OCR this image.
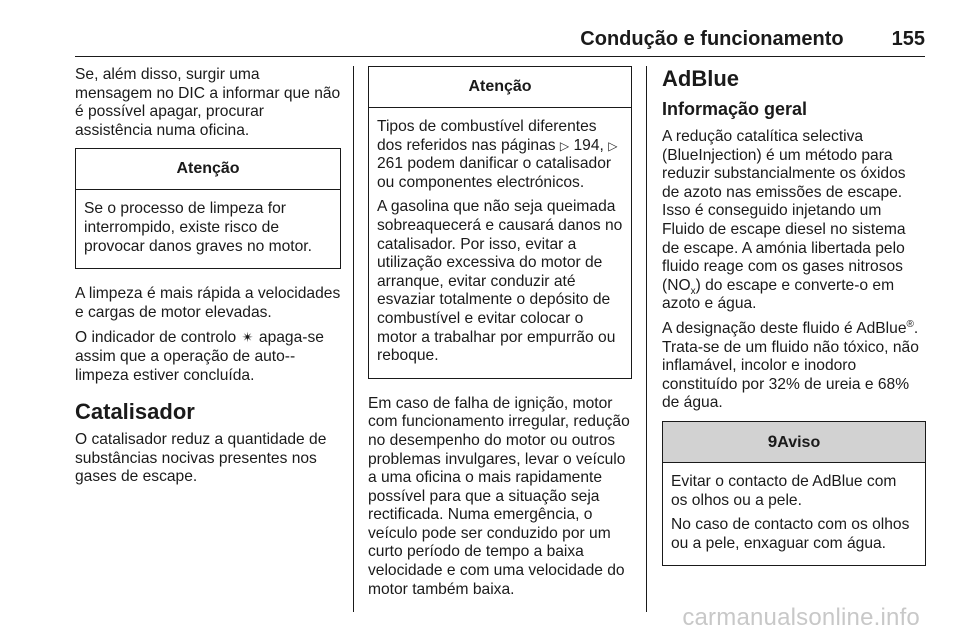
Condução e funcionamento 155

Se, além disso, surgir uma mensagem no DIC a informar que não é possível apagar, procurar assistência numa oficina.

Atenção

Se o processo de limpeza for interrompido, existe risco de provocar danos graves no motor.

A limpeza é mais rápida a velocidades e cargas de motor elevadas.

O indicador de controlo ✴ apaga-se assim que a operação de auto--limpeza estiver concluída.

Catalisador

O catalisador reduz a quantidade de substâncias nocivas presentes nos gases de escape.

Atenção

Tipos de combustível diferentes dos referidos nas páginas ▷ 194, ▷ 261 podem danificar o catalisador ou componentes electrónicos.

A gasolina que não seja queimada sobreaquecerá e causará danos no catalisador. Por isso, evitar a utilização excessiva do motor de arranque, evitar conduzir até esvaziar totalmente o depósito de combustível e evitar colocar o motor a trabalhar por empurrão ou reboque.

Em caso de falha de ignição, motor com funcionamento irregular, redução no desempenho do motor ou outros problemas invulgares, levar o veículo a uma oficina o mais rapidamente possível para que a situação seja rectificada. Numa emergência, o veículo pode ser conduzido por um curto período de tempo a baixa velocidade e com uma velocidade do motor também baixa.

AdBlue
Informação geral

A redução catalítica selectiva (BlueInjection) é um método para reduzir substancialmente os óxidos de azoto nas emissões de escape. Isso é conseguido injetando um Fluido de escape diesel no sistema de escape. A amónia libertada pelo fluido reage com os gases nitrosos $(NO_x)$ do escape e converte-o em azoto e água.

A designação deste fluido é AdBlue®. Trata-se de um fluido não tóxico, não inflamável, incolor e inodoro constituído por 32% de ureia e 68% de água.

9Aviso

Evitar o contacto de AdBlue com os olhos ou a pele.

No caso de contacto com os olhos ou a pele, enxaguar com água.

carmanualsonline.info
